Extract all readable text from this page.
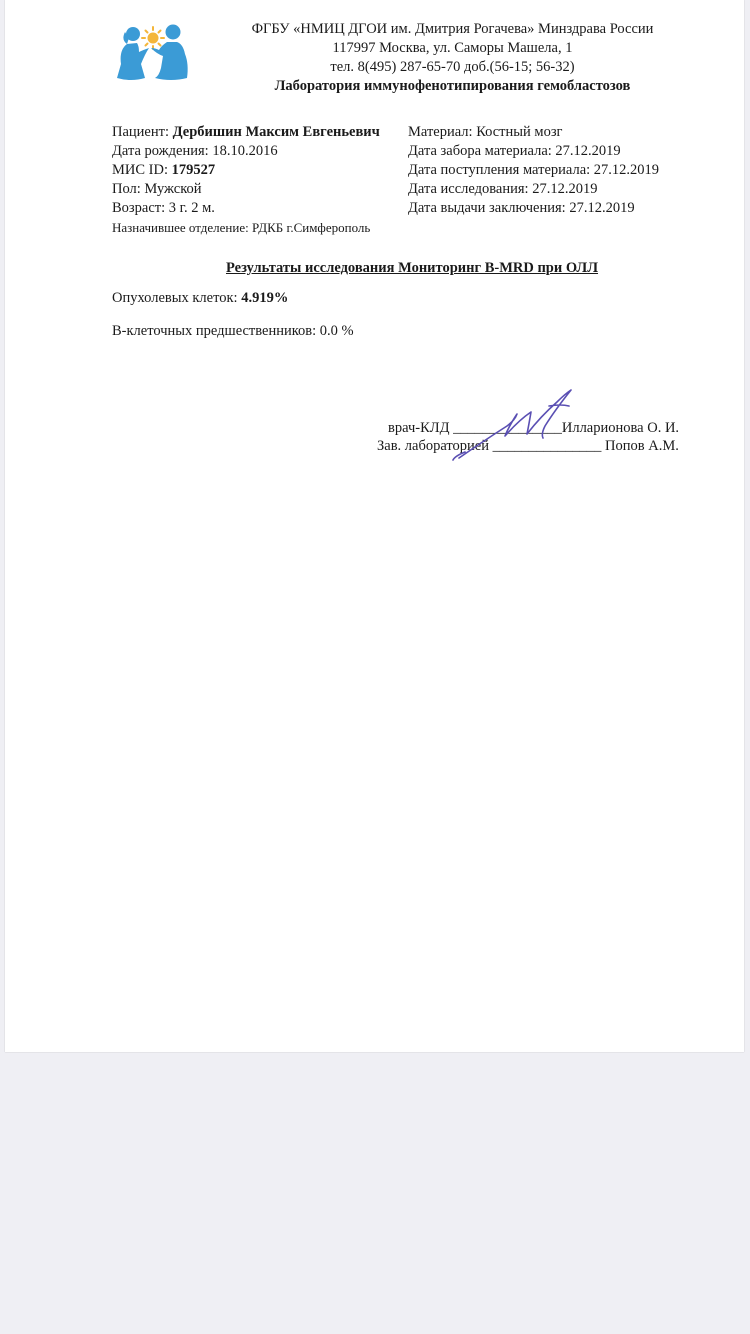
ФГБУ «НМИЦ ДГОИ им. Дмитрия Рогачева» Минздрава России
117997 Москва, ул. Саморы Машела, 1
тел. 8(495) 287-65-70 доб.(56-15; 56-32)
Лаборатория иммунофенотипирования гемобластозов
Пациент: Дербишин Максим Евгеньевич
Дата рождения: 18.10.2016
МИС ID: 179527
Пол: Мужской
Возраст: 3 г. 2 м.
Назначившее отделение: РДКБ г.Симферополь
Материал: Костный мозг
Дата забора материала: 27.12.2019
Дата поступления материала: 27.12.2019
Дата исследования: 27.12.2019
Дата выдачи заключения: 27.12.2019
Результаты исследования Мониторинг B-MRD при ОЛЛ
Опухолевых клеток: 4.919%
В-клеточных предшественников: 0.0 %
врач-КЛД _______________Илларионова О. И.
Зав. лабораторией _______________ Попов А.М.
